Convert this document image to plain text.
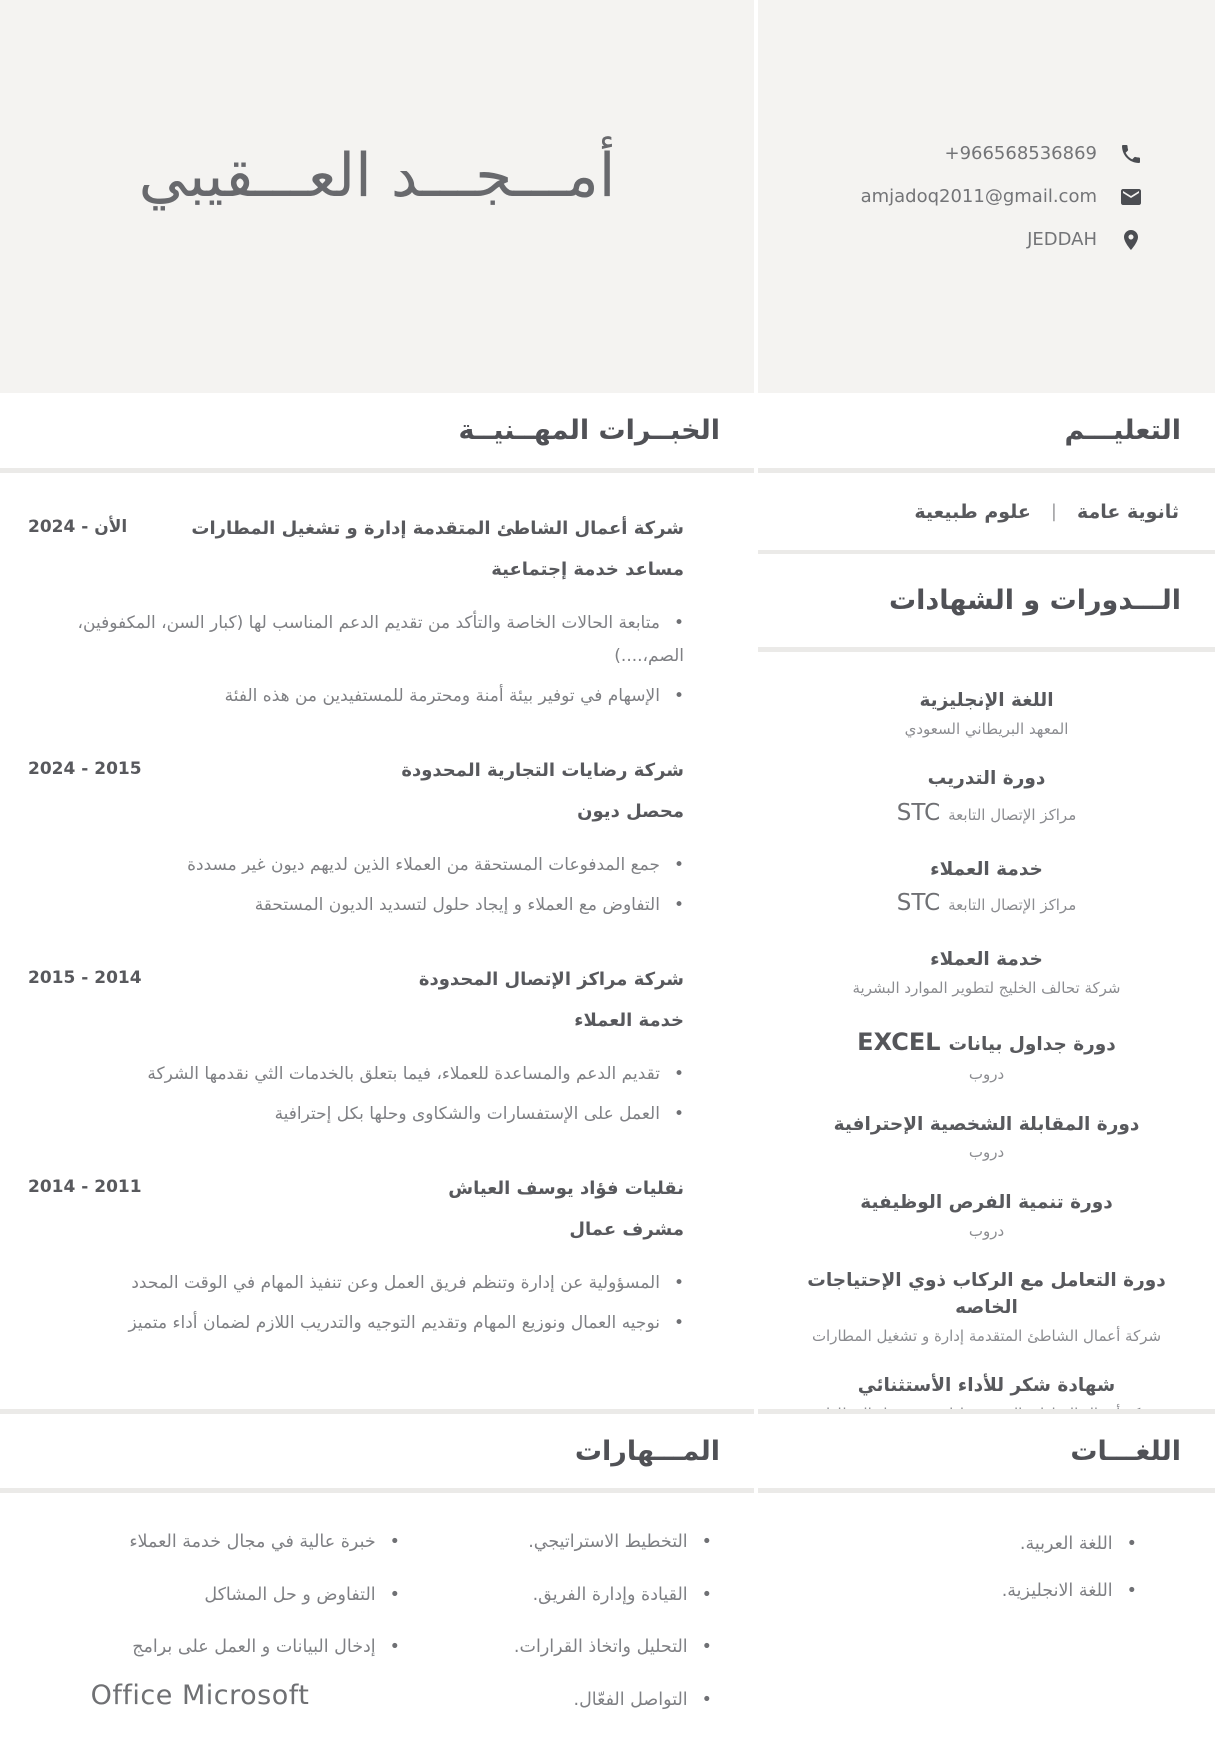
+966568536869
amjadoq2011@gmail.com
JEDDAH
التعليـــم
ثانوية عامة
|
علوم طبيعية
الـــدورات و الشهادات
اللغة الإنجليزية
المعهد البريطاني السعودي
دورة التدريب
مراكز الإتصال التابعةSTC
خدمة العملاء
مراكز الإتصال التابعةSTC
خدمة العملاء
شركة تحالف الخليج لتطوير الموارد البشرية
دورة جداول بياناتEXCEL
دروب
دورة المقابلة الشخصية الإحترافية
دروب
دورة تنمية الفرص الوظيفية
دروب
دورة التعامل مع الركاب ذوي الإحتياجات الخاصه
شركة أعمال الشاطئ المتقدمة إدارة و تشغيل المطارات
شهادة شكر للأداء الأستثنائي
اللغـــات
• اللغة العربية.
• اللغة الانجليزية.
أمـــجـــد العـــقيبي
الخبــرات المهــنيــة
شركة أعمال الشاطئ المتقدمة إدارة و تشغيل المطارات
الأن - 2024
مساعد خدمة إجتماعية
• متابعة الحالات الخاصة والتأكد من تقديم الدعم المناسب لها (كبار السن، المكفوفين، الصم،....)
• الإسهام في توفير بيئة أمنة ومحترمة للمستفيدين من هذه الفئة
شركة رضايات التجارية المحدودة
2015 - 2024
محصل ديون
• جمع المدفوعات المستحقة من العملاء الذين لديهم ديون غير مسددة
• التفاوض مع العملاء و إيجاد حلول لتسديد الديون المستحقة
شركة مراكز الإتصال المحدودة
2014 - 2015
خدمة العملاء
• تقديم الدعم والمساعدة للعملاء، فيما بتعلق بالخدمات الثي نقدمها الشركة
• العمل على الإستفسارات والشكاوى وحلها بكل إحترافية
نقليات فؤاد يوسف العياش
2011 - 2014
مشرف عمال
• المسؤولية عن إدارة وتنظم فريق العمل وعن تنفيذ المهام في الوقت المحدد
• نوجيه العمال ونوزيع المهام وتقديم التوجيه والتدريب اللازم لضمان أداء متميز
المـــهارات
• التخطيط الاستراتيجي.
• القيادة وإدارة الفريق.
• التحليل واتخاذ القرارات.
• التواصل الفعّال.
• خبرة عالية في مجال خدمة العملاء
• التفاوض و حل المشاكل
• إدخال البيانات و العمل على برامج
Office Microsoft
